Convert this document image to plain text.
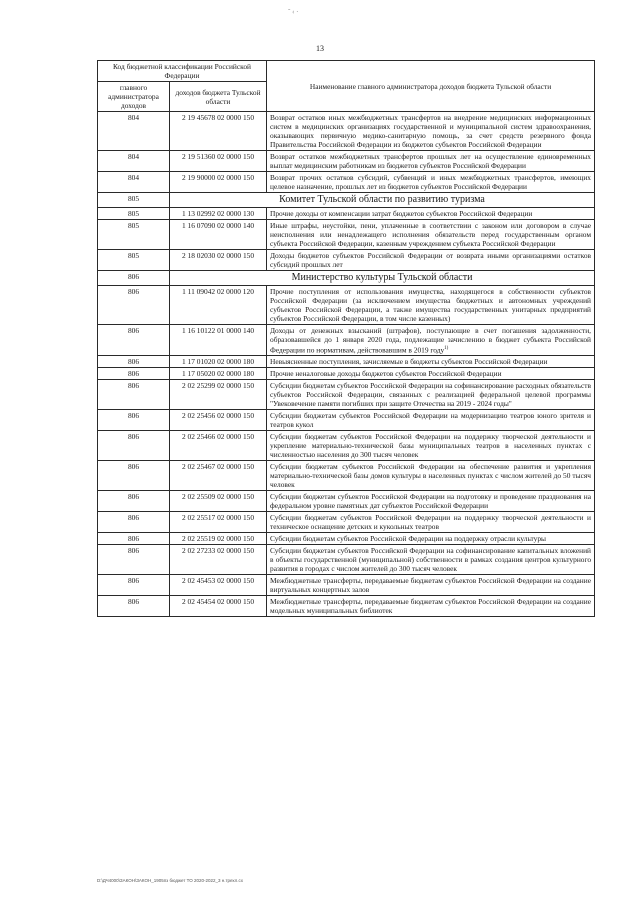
13
Код бюджетной классификации Российской Федерации		Наименование главного администратора доходов бюджета Тульской области
главного администратора доходов	доходов бюджета Тульской области	
804	2 19 45678 02 0000 150	Возврат остатков иных межбюджетных трансфертов на внедрение медицинских информационных систем в медицинских организациях государственной и муниципальной систем здравоохранения, оказывающих первичную медико-санитарную помощь, за счет средств резервного фонда Правительства Российской Федерации из бюджетов субъектов Российской Федерации
804	2 19 51360 02 0000 150	Возврат остатков межбюджетных трансфертов прошлых лет на осуществление единовременных выплат медицинским работникам из бюджетов субъектов Российской Федерации
804	2 19 90000 02 0000 150	Возврат прочих остатков субсидий, субвенций и иных межбюджетных трансфертов, имеющих целевое назначение, прошлых лет из бюджетов субъектов Российской Федерации
805	Комитет Тульской области по развитию туризма	
805	1 13 02992 02 0000 130	Прочие доходы от компенсации затрат бюджетов субъектов Российской Федерации
805	1 16 07090 02 0000 140	Иные штрафы, неустойки, пени, уплаченные в соответствии с законом или договором в случае неисполнения или ненадлежащего исполнения обязательств перед государственным органом субъекта Российской Федерации, казенным учреждением субъекта Российской Федерации
805	2 18 02030 02 0000 150	Доходы бюджетов субъектов Российской Федерации от возврата иными организациями остатков субсидий прошлых лет
806	Министерство культуры Тульской области	
806	1 11 09042 02 0000 120	Прочие поступления от использования имущества, находящегося в собственности субъектов Российской Федерации (за исключением имущества бюджетных и автономных учреждений субъектов Российской Федерации, а также имущества государственных унитарных предприятий субъектов Российской Федерации, в том числе казенных)
806	1 16 10122 01 0000 140	Доходы от денежных взысканий (штрафов), поступающие в счет погашения задолженности, образовавшейся до 1 января 2020 года, подлежащие зачислению в бюджет субъекта Российской Федерации по нормативам, действовавшим в 2019 году$^{1)}$
806	1 17 01020 02 0000 180	Невыясненные поступления, зачисляемые в бюджеты субъектов Российской Федерации
806	1 17 05020 02 0000 180	Прочие неналоговые доходы бюджетов субъектов Российской Федерации
806	2 02 25299 02 0000 150	Субсидии бюджетам субъектов Российской Федерации на софинансирование расходных обязательств субъектов Российской Федерации, связанных с реализацией федеральной целевой программы "Увековечение памяти погибших при защите Отечества на 2019 - 2024 годы"
806	2 02 25456 02 0000 150	Субсидии бюджетам субъектов Российской Федерации на модернизацию театров юного зрителя и театров кукол
806	2 02 25466 02 0000 150	Субсидии бюджетам субъектов Российской Федерации на поддержку творческой деятельности и укрепление материально-технической базы муниципальных театров в населенных пунктах с численностью населения до 300 тысяч человек
806	2 02 25467 02 0000 150	Субсидии бюджетам субъектов Российской Федерации на обеспечение развития и укрепления материально-технической базы домов культуры в населенных пунктах с числом жителей до 50 тысяч человек
806	2 02 25509 02 0000 150	Субсидии бюджетам субъектов Российской Федерации на подготовку и проведение празднования на федеральном уровне памятных дат субъектов Российской Федерации
806	2 02 25517 02 0000 150	Субсидии бюджетам субъектов Российской Федерации на поддержку творческой деятельности и техническое оснащение детских и кукольных театров
806	2 02 25519 02 0000 150	Субсидии бюджетам субъектов Российской Федерации на поддержку отрасли культуры
806	2 02 27233 02 0000 150	Субсидии бюджетам субъектов Российской Федерации на софинансирование капитальных вложений в объекты государственной (муниципальной) собственности в рамках создания центров культурного развития в городах с числом жителей до 300 тысяч человек
806	2 02 45453 02 0000 150	Межбюджетные трансферты, передаваемые бюджетам субъектов Российской Федерации на создание виртуальных концертных залов
806	2 02 45454 02 0000 150	Межбюджетные трансферты, передаваемые бюджетам субъектов Российской Федерации на создание модельных муниципальных библиотек
D:\ДЧ4000\ЗАКОН\ЗАКОН_1905пз бюджет ТО 2020-2022_3 н.трехл.сх
˜ ‹ ·
